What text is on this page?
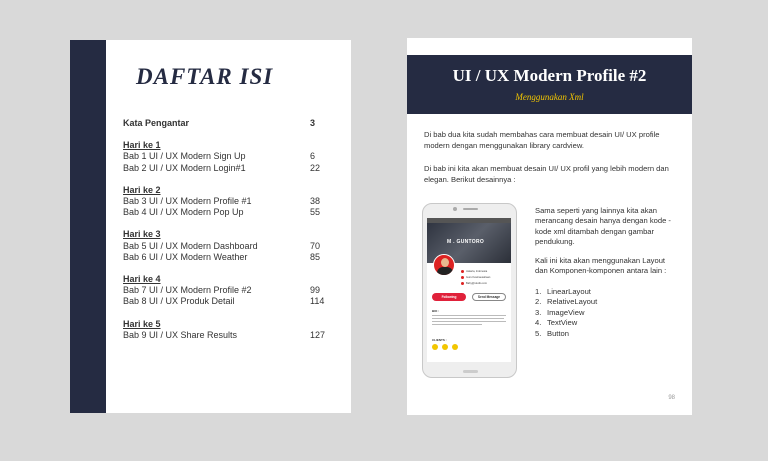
DAFTAR ISI
Kata Pengantar	3
Hari ke 1
Bab 1 UI / UX Modern Sign Up	6
Bab 2 UI / UX Modern Login#1	22
Hari ke 2
Bab 3 UI / UX Modern Profile #1	38
Bab 4 UI / UX Modern Pop Up	55
Hari ke 3
Bab 5 UI / UX Modern Dashboard	70
Bab 6 UI / UX Modern Weather	85
Hari ke 4
Bab 7 UI / UX Modern Profile #2	99
Bab 8 UI / UX Produk Detail	114
Hari ke 5
Bab 9 UI / UX Share Results	127
UI / UX Modern Profile #2
Menggunakan Xml
Di bab dua kita sudah membahas cara membuat desain UI/ UX profile modern dengan menggunakan library cardview.
Di bab ini kita akan membuat desain UI/ UX profil yang lebih modern dan elegan. Berikut desainnya :
M . GUNTORO
Jakarta, Indonesia
Guru Kewirausahaan
Baby@studio.com
Following	Send Message
BIO :
CLIENTS :
Sama seperti yang lainnya kita akan merancang desain hanya dengan kode -kode xml ditambah dengan gambar pendukung.
Kali ini kita akan menggunakan Layout dan Komponen-komponen antara lain :
1. LinearLayout
2. RelativeLayout
3. ImageView
4. TextView
5. Button
98
